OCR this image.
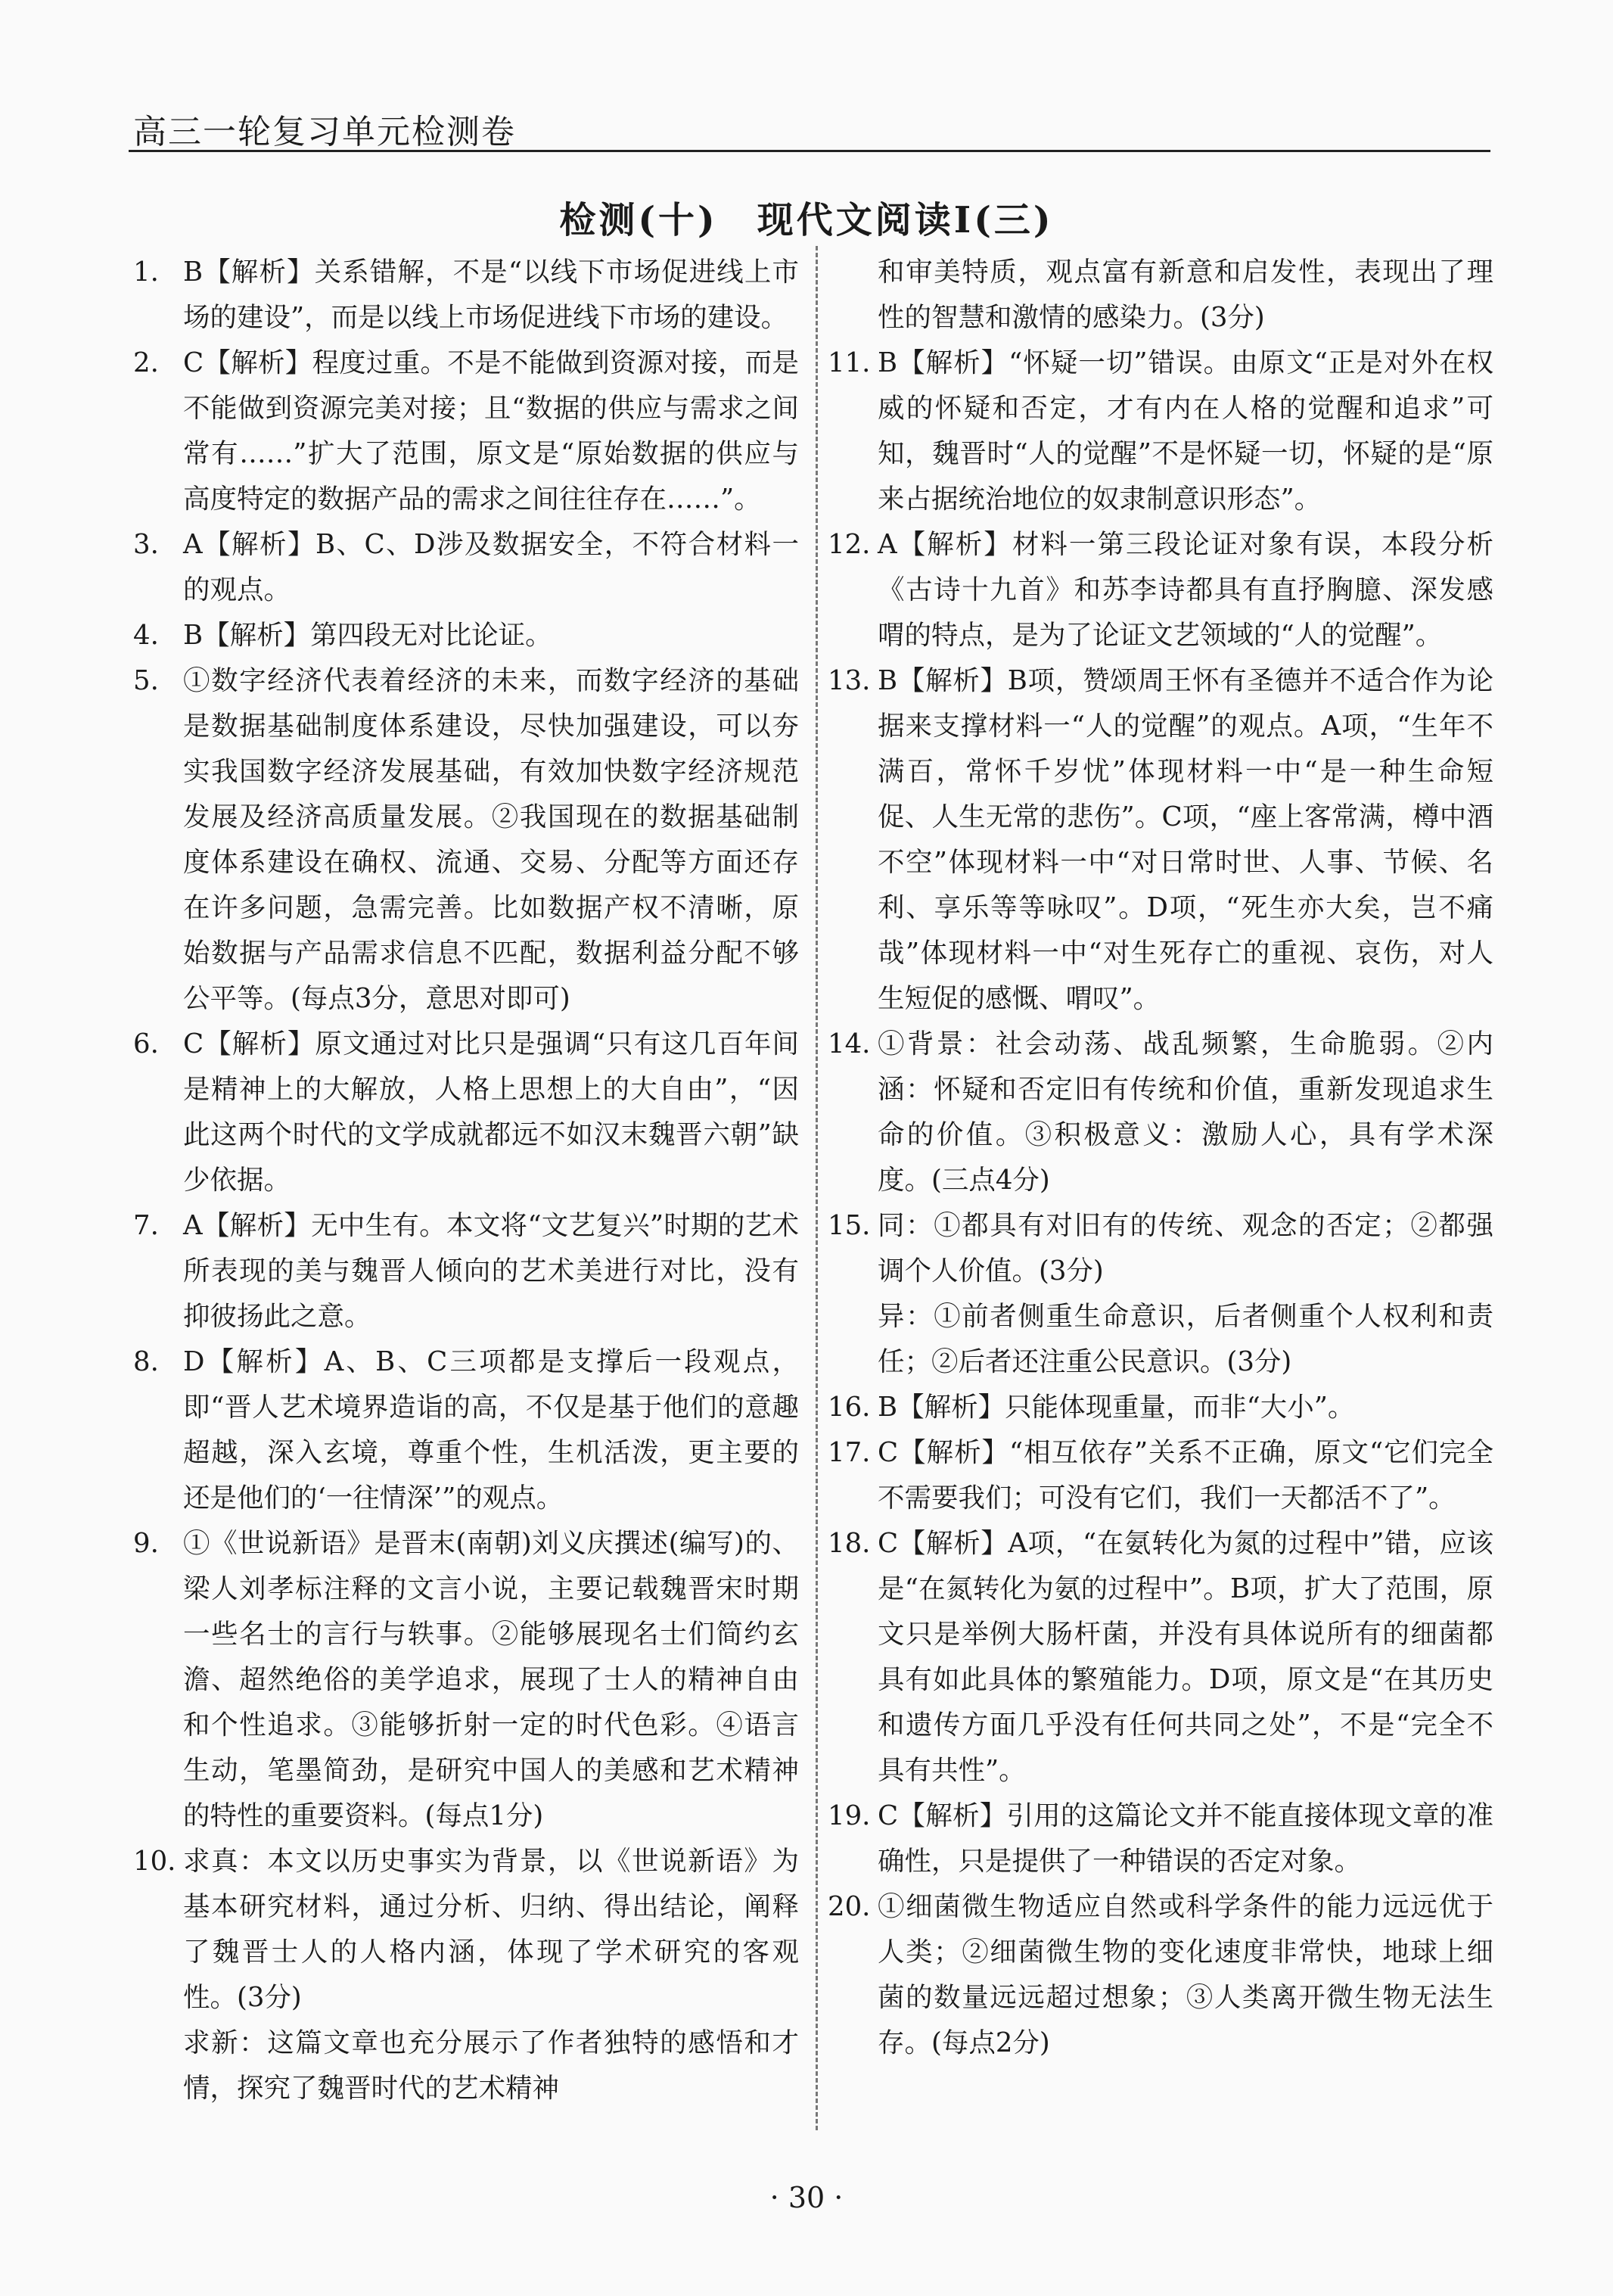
高三一轮复习单元检测卷
检测(十)　现代文阅读Ⅰ(三)
1. B【解析】关系错解，不是“以线下市场促进线上市场的建设”，而是以线上市场促进线下市场的建设。
2. C【解析】程度过重。不是不能做到资源对接，而是不能做到资源完美对接；且“数据的供应与需求之间常有……”扩大了范围，原文是“原始数据的供应与高度特定的数据产品的需求之间往往存在……”。
3. A【解析】B、C、D涉及数据安全，不符合材料一的观点。
4. B【解析】第四段无对比论证。
5. ①数字经济代表着经济的未来，而数字经济的基础是数据基础制度体系建设，尽快加强建设，可以夯实我国数字经济发展基础，有效加快数字经济规范发展及经济高质量发展。②我国现在的数据基础制度体系建设在确权、流通、交易、分配等方面还存在许多问题，急需完善。比如数据产权不清晰，原始数据与产品需求信息不匹配，数据利益分配不够公平等。(每点3分，意思对即可)
6. C【解析】原文通过对比只是强调“只有这几百年间是精神上的大解放，人格上思想上的大自由”，“因此这两个时代的文学成就都远不如汉末魏晋六朝”缺少依据。
7. A【解析】无中生有。本文将“文艺复兴”时期的艺术所表现的美与魏晋人倾向的艺术美进行对比，没有抑彼扬此之意。
8. D【解析】A、B、C三项都是支撑后一段观点，即“晋人艺术境界造诣的高，不仅是基于他们的意趣超越，深入玄境，尊重个性，生机活泼，更主要的还是他们的‘一往情深’”的观点。
9. ①《世说新语》是晋末(南朝)刘义庆撰述(编写)的、梁人刘孝标注释的文言小说，主要记载魏晋宋时期一些名士的言行与轶事。②能够展现名士们简约玄澹、超然绝俗的美学追求，展现了士人的精神自由和个性追求。③能够折射一定的时代色彩。④语言生动，笔墨简劲，是研究中国人的美感和艺术精神的特性的重要资料。(每点1分)
10. 求真：本文以历史事实为背景，以《世说新语》为基本研究材料，通过分析、归纳、得出结论，阐释了魏晋士人的人格内涵，体现了学术研究的客观性。(3分)

求新：这篇文章也充分展示了作者独特的感悟和才情，探究了魏晋时代的艺术精神

和审美特质，观点富有新意和启发性，表现出了理性的智慧和激情的感染力。(3分)
11. B【解析】“怀疑一切”错误。由原文“正是对外在权威的怀疑和否定，才有内在人格的觉醒和追求”可知，魏晋时“人的觉醒”不是怀疑一切，怀疑的是“原来占据统治地位的奴隶制意识形态”。
12. A【解析】材料一第三段论证对象有误，本段分析《古诗十九首》和苏李诗都具有直抒胸臆、深发感喟的特点，是为了论证文艺领域的“人的觉醒”。
13. B【解析】B项，赞颂周王怀有圣德并不适合作为论据来支撑材料一“人的觉醒”的观点。A项，“生年不满百，常怀千岁忧”体现材料一中“是一种生命短促、人生无常的悲伤”。C项，“座上客常满，樽中酒不空”体现材料一中“对日常时世、人事、节候、名利、享乐等等咏叹”。D项，“死生亦大矣，岂不痛哉”体现材料一中“对生死存亡的重视、哀伤，对人生短促的感慨、喟叹”。
14. ①背景：社会动荡、战乱频繁，生命脆弱。②内涵：怀疑和否定旧有传统和价值，重新发现追求生命的价值。③积极意义：激励人心，具有学术深度。(三点4分)
15. 同：①都具有对旧有的传统、观念的否定；②都强调个人价值。(3分)

异：①前者侧重生命意识，后者侧重个人权利和责任；②后者还注重公民意识。(3分)

16. B【解析】只能体现重量，而非“大小”。
17. C【解析】“相互依存”关系不正确，原文“它们完全不需要我们；可没有它们，我们一天都活不了”。
18. C【解析】A项，“在氨转化为氮的过程中”错，应该是“在氮转化为氨的过程中”。B项，扩大了范围，原文只是举例大肠杆菌，并没有具体说所有的细菌都具有如此具体的繁殖能力。D项，原文是“在其历史和遗传方面几乎没有任何共同之处”，不是“完全不具有共性”。
19. C【解析】引用的这篇论文并不能直接体现文章的准确性，只是提供了一种错误的否定对象。
20. ①细菌微生物适应自然或科学条件的能力远远优于人类；②细菌微生物的变化速度非常快，地球上细菌的数量远远超过想象；③人类离开微生物无法生存。(每点2分)
· 30 ·
